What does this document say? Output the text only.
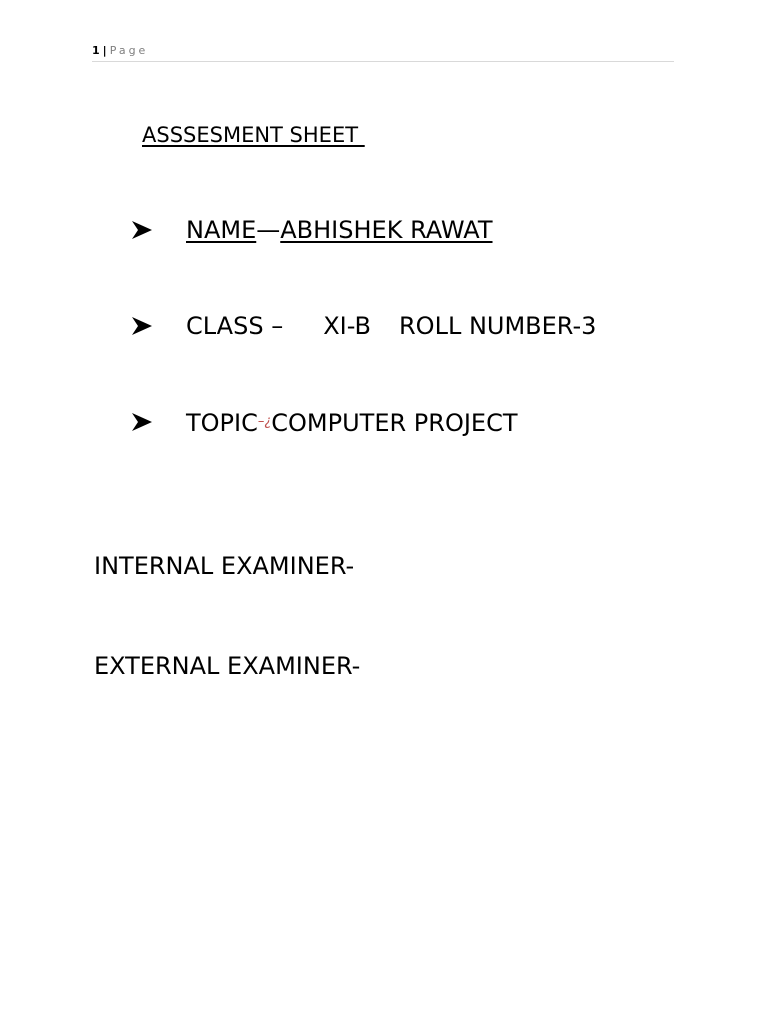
1 | Page
ASSSESMENT SHEET

NAME—ABHISHEK RAWAT

CLASS – XI-B ROLL NUMBER-3

TOPIC–¿COMPUTER PROJECT

INTERNAL EXAMINER-
EXTERNAL EXAMINER-
